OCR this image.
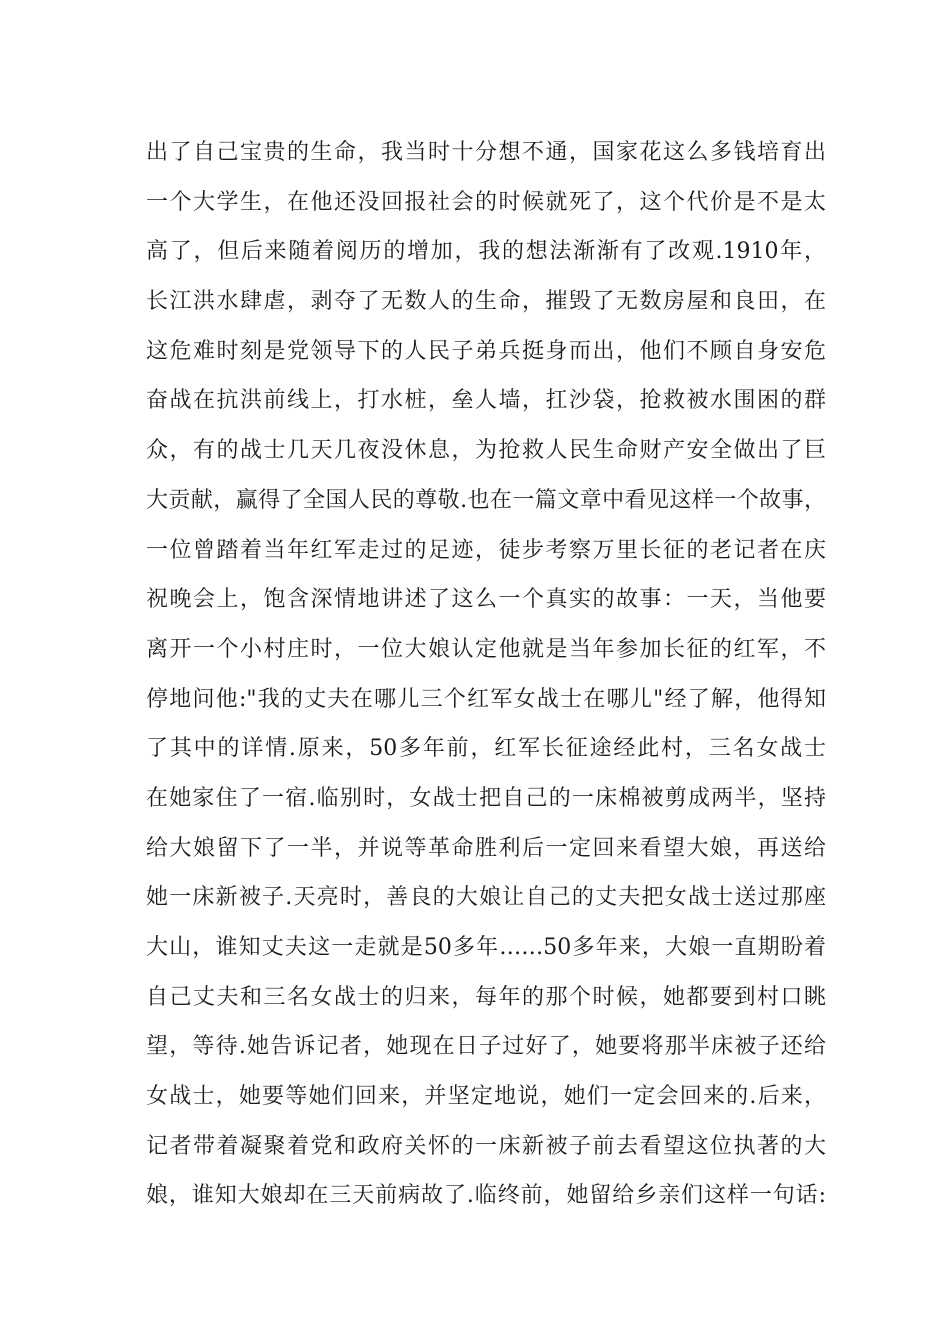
出了自己宝贵的生命，我当时十分想不通，国家花这么多钱培育出
一个大学生，在他还没回报社会的时候就死了，这个代价是不是太
高了，但后来随着阅历的增加，我的想法渐渐有了改观.1910年，
长江洪水肆虐，剥夺了无数人的生命，摧毁了无数房屋和良田，在
这危难时刻是党领导下的人民子弟兵挺身而出，他们不顾自身安危
奋战在抗洪前线上，打水桩，垒人墙，扛沙袋，抢救被水围困的群
众，有的战士几天几夜没休息，为抢救人民生命财产安全做出了巨
大贡献，赢得了全国人民的尊敬.也在一篇文章中看见这样一个故事，
一位曾踏着当年红军走过的足迹，徒步考察万里长征的老记者在庆
祝晚会上，饱含深情地讲述了这么一个真实的故事：一天，当他要
离开一个小村庄时，一位大娘认定他就是当年参加长征的红军，不
停地问他:"我的丈夫在哪儿三个红军女战士在哪儿"经了解，他得知
了其中的详情.原来，50多年前，红军长征途经此村，三名女战士
在她家住了一宿.临别时，女战士把自己的一床棉被剪成两半，坚持
给大娘留下了一半，并说等革命胜利后一定回来看望大娘，再送给
她一床新被子.天亮时，善良的大娘让自己的丈夫把女战士送过那座
大山，谁知丈夫这一走就是50多年……50多年来，大娘一直期盼着
自己丈夫和三名女战士的归来，每年的那个时候，她都要到村口眺
望，等待.她告诉记者，她现在日子过好了，她要将那半床被子还给
女战士，她要等她们回来，并坚定地说，她们一定会回来的.后来，
记者带着凝聚着党和政府关怀的一床新被子前去看望这位执著的大
娘，谁知大娘却在三天前病故了.临终前，她留给乡亲们这样一句话:
